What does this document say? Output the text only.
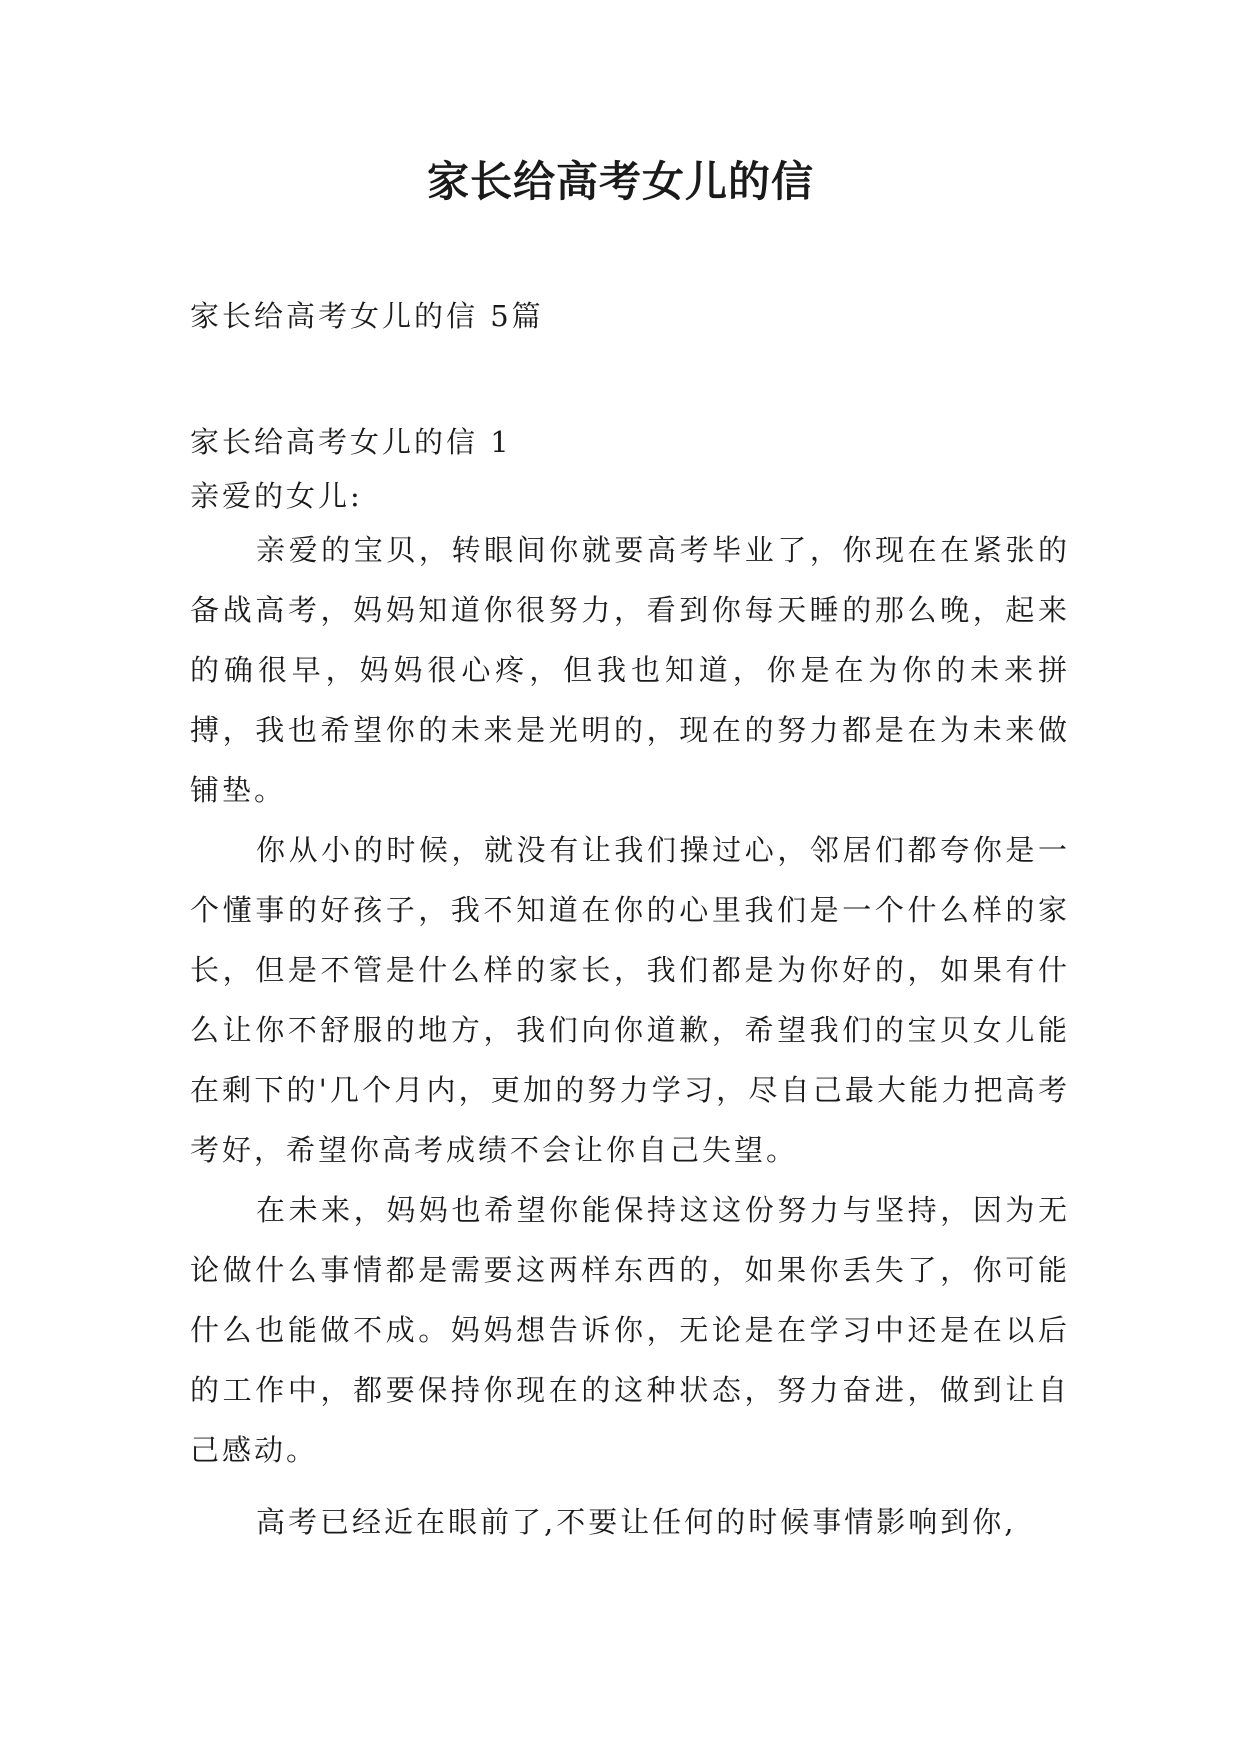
家长给高考女儿的信
家长给高考女儿的信 5篇
家长给高考女儿的信 1
亲爱的女儿:

亲爱的宝贝，转眼间你就要高考毕业了，你现在在紧张的备战高考，妈妈知道你很努力，看到你每天睡的那么晚，起来的确很早，妈妈很心疼，但我也知道，你是在为你的未来拼搏，我也希望你的未来是光明的，现在的努力都是在为未来做铺垫。

你从小的时候，就没有让我们操过心，邻居们都夸你是一个懂事的好孩子，我不知道在你的心里我们是一个什么样的家长，但是不管是什么样的家长，我们都是为你好的，如果有什么让你不舒服的地方，我们向你道歉，希望我们的宝贝女儿能在剩下的'几个月内，更加的努力学习，尽自己最大能力把高考考好，希望你高考成绩不会让你自己失望。

在未来，妈妈也希望你能保持这这份努力与坚持，因为无论做什么事情都是需要这两样东西的，如果你丢失了，你可能什么也能做不成。妈妈想告诉你，无论是在学习中还是在以后的工作中，都要保持你现在的这种状态，努力奋进，做到让自己感动。

高考已经近在眼前了,不要让任何的时候事情影响到你,
